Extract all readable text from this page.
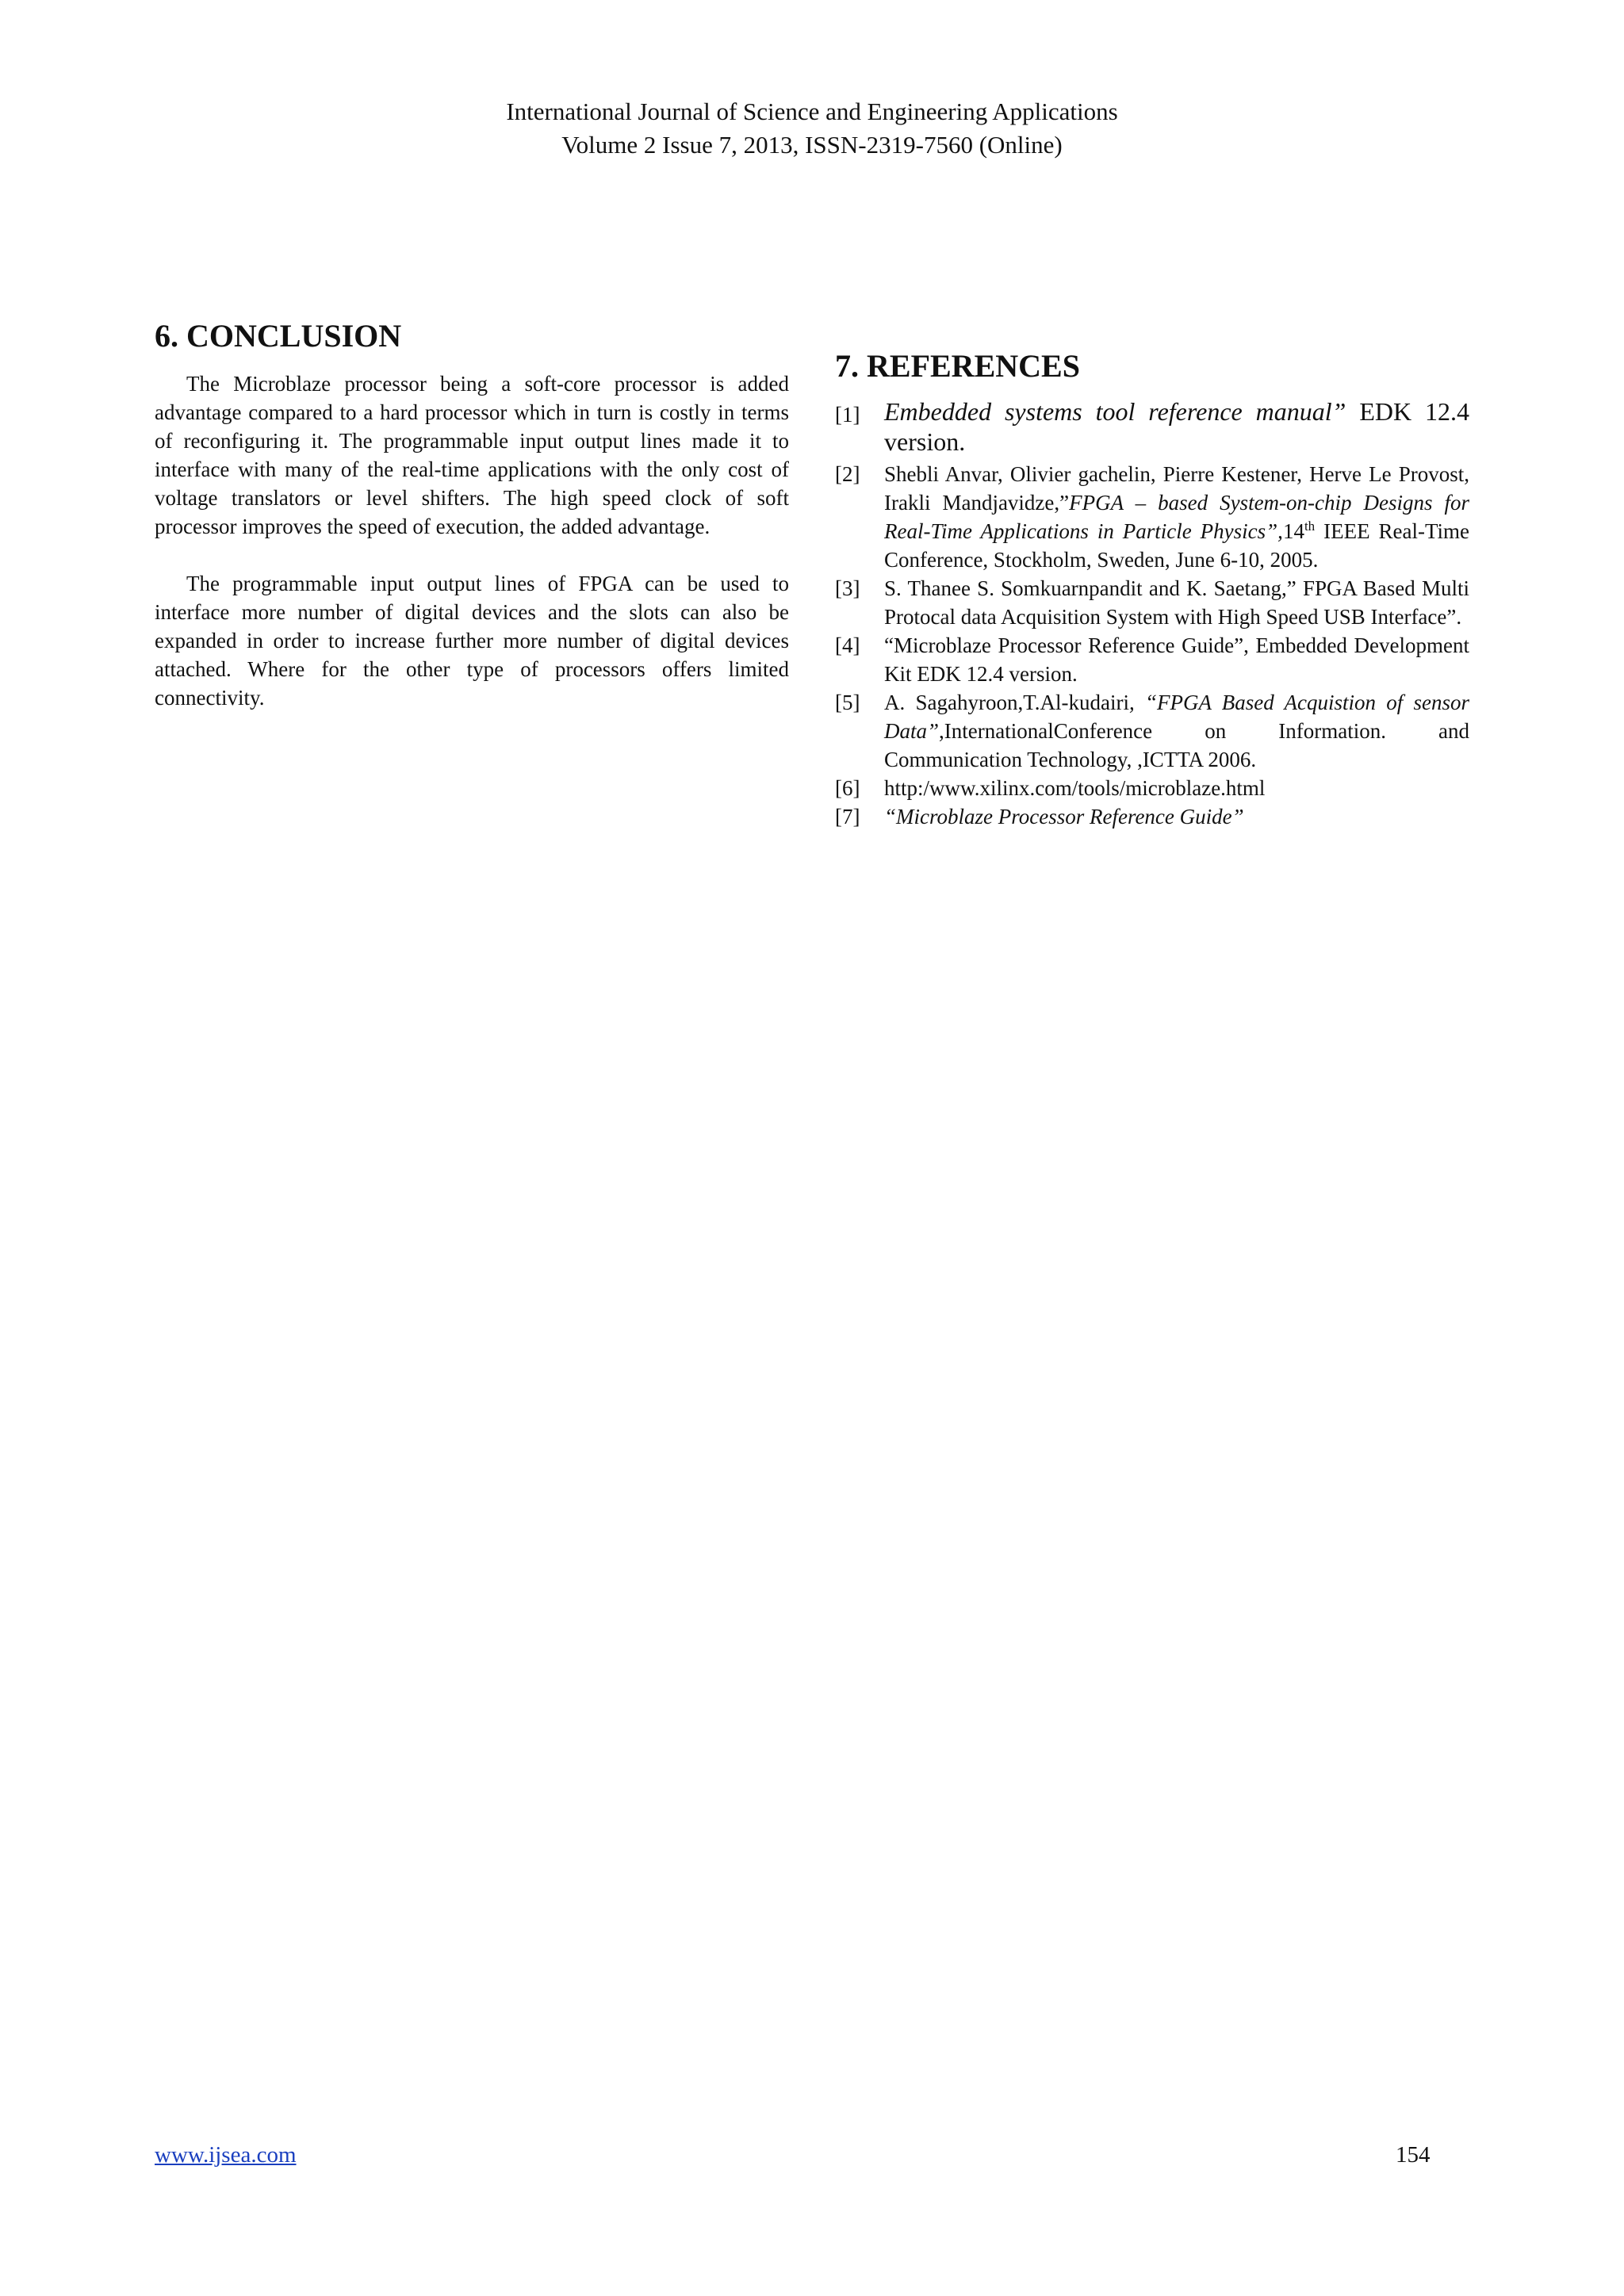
International Journal of Science and Engineering Applications
Volume 2 Issue 7, 2013, ISSN-2319-7560 (Online)
6. CONCLUSION

The Microblaze processor being a soft-core processor is added advantage compared to a hard processor which in turn is costly in terms of reconfiguring it. The programmable input output lines made it to interface with many of the real-time applications with the only cost of voltage translators or level shifters. The high speed clock of soft processor improves the speed of execution, the added advantage.

The programmable input output lines of FPGA can be used to interface more number of digital devices and the slots can also be expanded in order to increase further more number of digital devices attached. Where for the other type of processors offers limited connectivity.

7. REFERENCES
[1] Embedded systems tool reference manual” EDK 12.4 version.
[2]	Shebli Anvar, Olivier gachelin, Pierre Kestener, Herve Le Provost, Irakli Mandjavidze,”FPGA – based System-on-chip Designs for Real-Time Applications in Particle Physics”,14th IEEE Real-Time Conference, Stockholm, Sweden, June 6-10, 2005.
[3]	S. Thanee S. Somkuarnpandit and K. Saetang,” FPGA Based Multi Protocal data Acquisition System with High Speed USB Interface”.
[4]	“Microblaze Processor Reference Guide”, Embedded Development Kit EDK 12.4 version.
[5]	A. Sagahyroon,T.Al-kudairi, “FPGA Based Acquistion of sensor Data”,InternationalConference on Information. and Communication Technology, ,ICTTA 2006.
[6]	http:/www.xilinx.com/tools/microblaze.html
[7]	“Microblaze Processor Reference Guide”
www.ijsea.com	154
